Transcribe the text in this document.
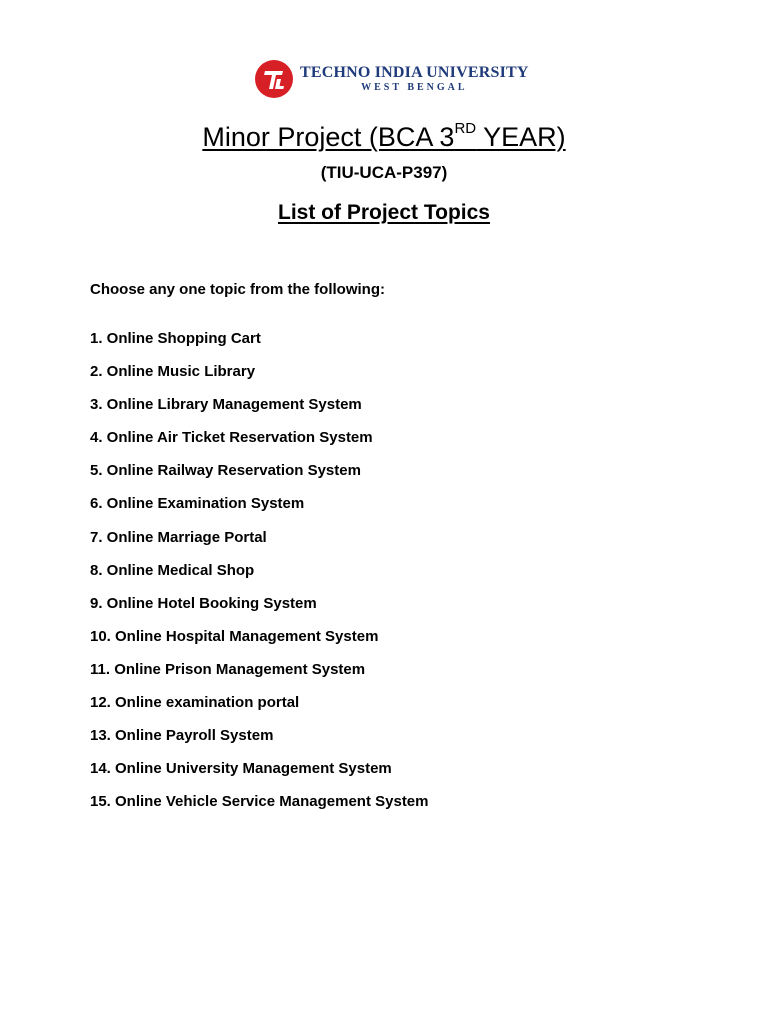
TECHNO INDIA UNIVERSITY
WEST BENGAL
Minor Project (BCA 3RD YEAR)
(TIU-UCA-P397)
List of Project Topics
Choose any one topic from the following:
1. Online Shopping Cart
2. Online Music Library
3. Online Library Management System
4. Online Air Ticket Reservation System
5. Online Railway Reservation System
6. Online Examination System
7. Online Marriage Portal
8. Online Medical Shop
9. Online Hotel Booking System
10. Online Hospital Management System
11. Online Prison Management System
12. Online examination portal
13. Online Payroll System
14. Online University Management System
15. Online Vehicle Service Management System
